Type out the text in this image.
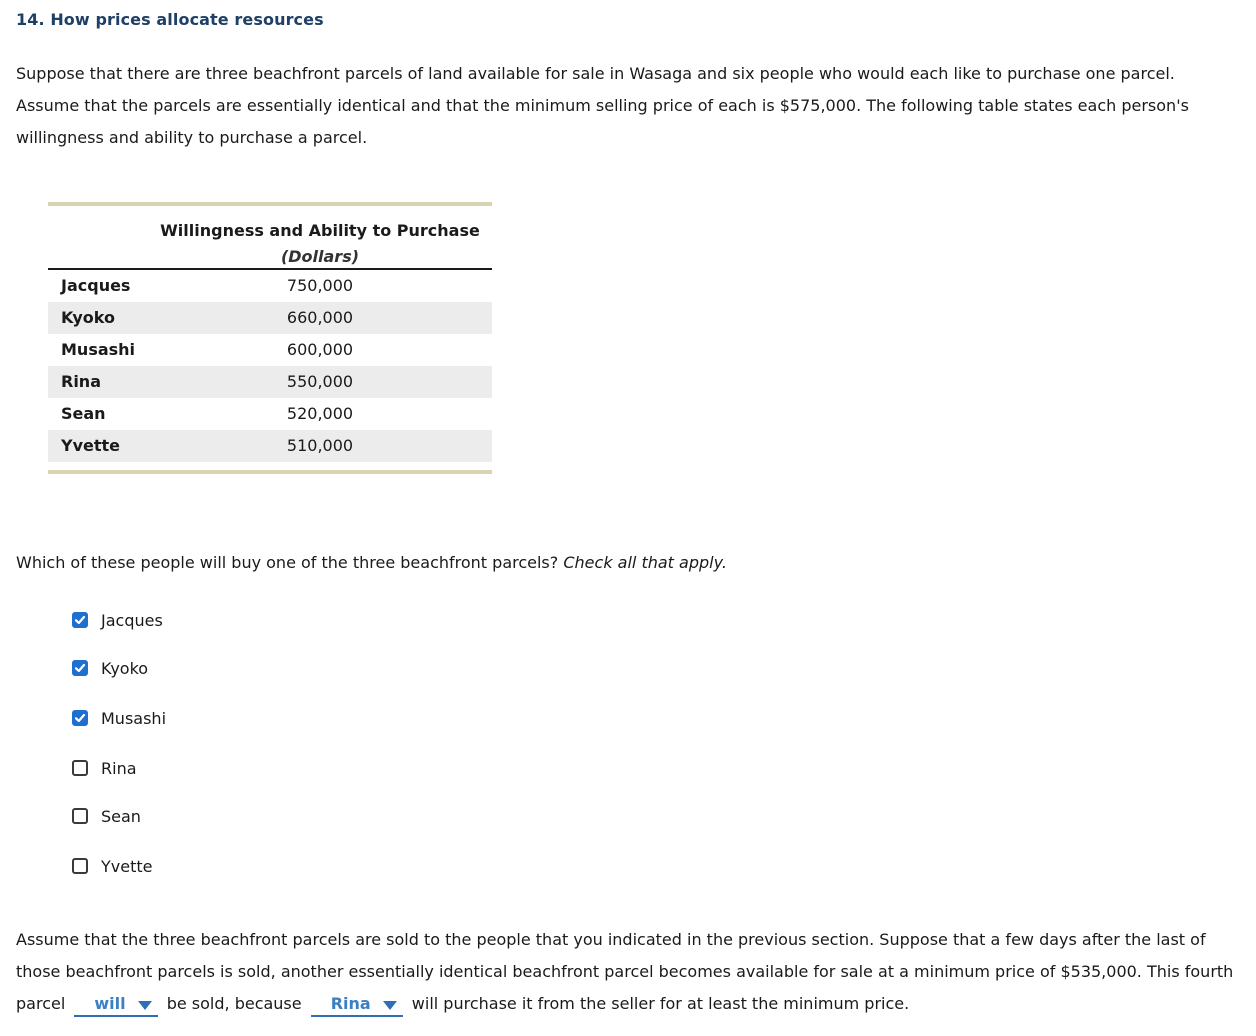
14. How prices allocate resources

Suppose that there are three beachfront parcels of land available for sale in Wasaga and six people who would each like to purchase one parcel. Assume that the parcels are essentially identical and that the minimum selling price of each is $575,000. The following table states each person's willingness and ability to purchase a parcel.

Willingness and Ability to Purchase
(Dollars)
Jacques	750,000
Kyoko	660,000
Musashi	600,000
Rina	550,000
Sean	520,000
Yvette	510,000
Which of these people will buy one of the three beachfront parcels? Check all that apply.
Jacques
Kyoko
Musashi
Rina
Sean
Yvette

Assume that the three beachfront parcels are sold to the people that you indicated in the previous section. Suppose that a few days after the last of those beachfront parcels is sold, another essentially identical beachfront parcel becomes available for sale at a minimum price of $535,000. This fourth parcel will	be sold, because Rina	will purchase it from the seller for at least the minimum price.
